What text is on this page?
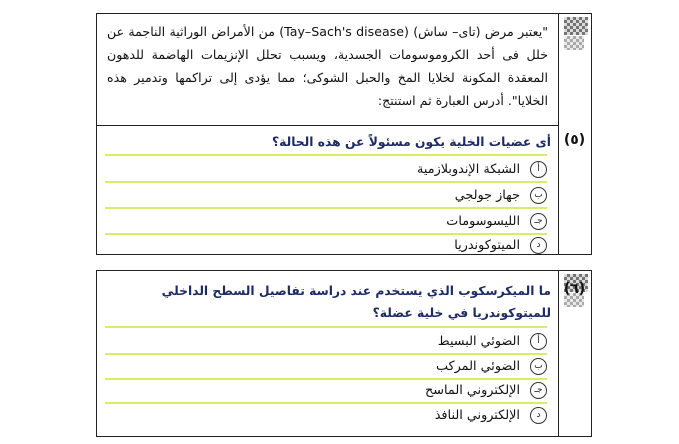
"يعتبر مرض (تاى– ساش) (Tay–Sach's disease) من الأمراض الوراثية الناجمة عن خلل فى أحد الكروموسومات الجسدية، ويسبب تحلل الإنزيمات الهاضمة للدهون المعقدة المكونة لخلايا المخ والحبل الشوكى؛ مما يؤدى إلى تراكمها وتدمير هذه الخلايا". أدرس العبارة ثم استنتج:
(٥)
أى عضيات الخلية يكون مسئولاً عن هذه الحالة؟
أ
الشبكة الإندوبلازمية
ب
جهاز جولجي
جـ
الليسوسومات
د
الميتوكوندريا
(٦)
ما الميكرسكوب الذي يستخدم عند دراسة تفاصيل السطح الداخلي للميتوكوندريا في خلية عضلة؟
أ
الضوئي البسيط
ب
الضوئي المركب
جـ
الإلكتروني الماسح
د
الإلكتروني النافذ
